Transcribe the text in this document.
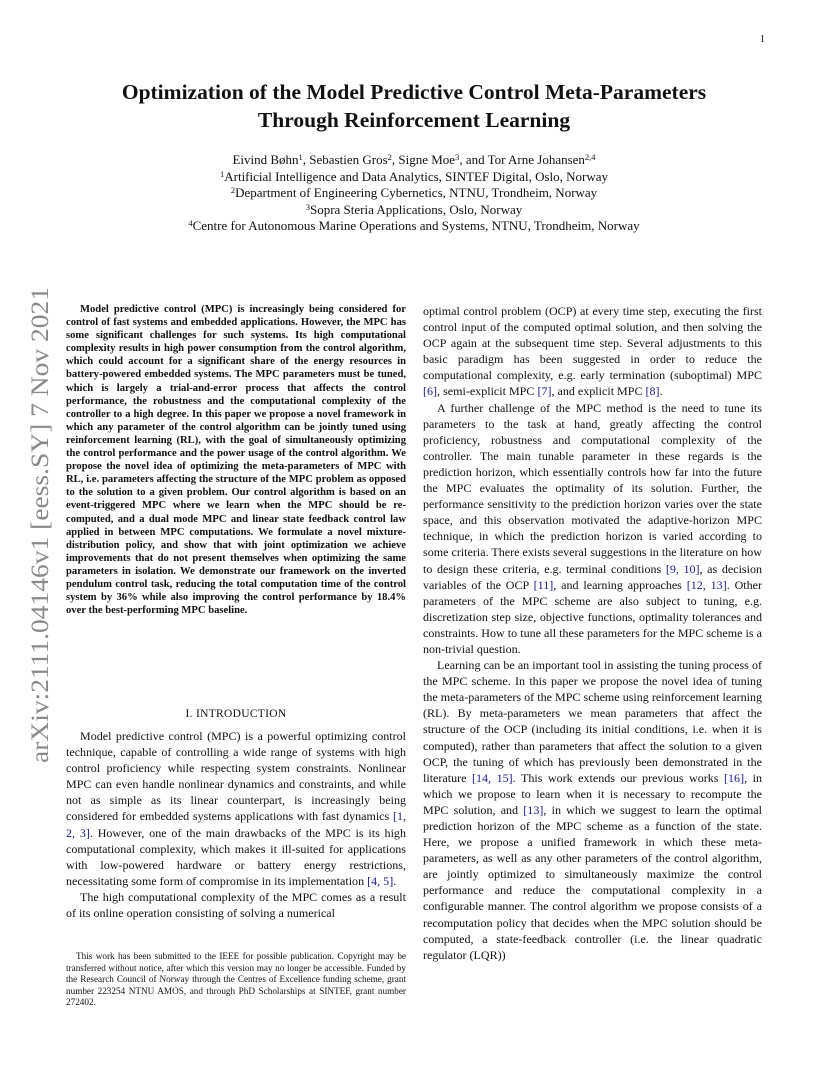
1
arXiv:2111.04146v1 [eess.SY] 7 Nov 2021
Optimization of the Model Predictive Control Meta-Parameters
Through Reinforcement Learning
Eivind Bøhn$^1$, Sebastien Gros$^2$, Signe Moe$^3$, and Tor Arne Johansen$^{2,4}$
$^1$Artificial Intelligence and Data Analytics, SINTEF Digital, Oslo, Norway
$^2$Department of Engineering Cybernetics, NTNU, Trondheim, Norway
$^3$Sopra Steria Applications, Oslo, Norway
$^4$Centre for Autonomous Marine Operations and Systems, NTNU, Trondheim, Norway
Model predictive control (MPC) is increasingly being considered for control of fast systems and embedded applications. However, the MPC has some significant challenges for such systems. Its high computational complexity results in high power consumption from the control algorithm, which could account for a significant share of the energy resources in battery-powered embedded systems. The MPC parameters must be tuned, which is largely a trial-and-error process that affects the control performance, the robustness and the computational complexity of the controller to a high degree. In this paper we propose a novel framework in which any parameter of the control algorithm can be jointly tuned using reinforcement learning (RL), with the goal of simultaneously optimizing the control performance and the power usage of the control algorithm. We propose the novel idea of optimizing the meta-parameters of MPC with RL, i.e. parameters affecting the structure of the MPC problem as opposed to the solution to a given problem. Our control algorithm is based on an event-triggered MPC where we learn when the MPC should be re-computed, and a dual mode MPC and linear state feedback control law applied in between MPC computations. We formulate a novel mixture-distribution policy, and show that with joint optimization we achieve improvements that do not present themselves when optimizing the same parameters in isolation. We demonstrate our framework on the inverted pendulum control task, reducing the total computation time of the control system by 36% while also improving the control performance by 18.4% over the best-performing MPC baseline.
I. INTRODUCTION

Model predictive control (MPC) is a powerful optimizing control technique, capable of controlling a wide range of systems with high control proficiency while respecting system constraints. Nonlinear MPC can even handle nonlinear dynamics and constraints, and while not as simple as its linear counterpart, is increasingly being considered for embedded systems applications with fast dynamics [1, 2, 3]. However, one of the main drawbacks of the MPC is its high computational complexity, which makes it ill-suited for applications with low-powered hardware or battery energy restrictions, necessitating some form of compromise in its implementation [4, 5].

The high computational complexity of the MPC comes as a result of its online operation consisting of solving a numerical

This work has been submitted to the IEEE for possible publication. Copyright may be transferred without notice, after which this version may no longer be accessible. Funded by the Research Council of Norway through the Centres of Excellence funding scheme, grant number 223254 NTNU AMOS, and through PhD Scholarships at SINTEF, grant number 272402.

optimal control problem (OCP) at every time step, executing the first control input of the computed optimal solution, and then solving the OCP again at the subsequent time step. Several adjustments to this basic paradigm has been suggested in order to reduce the computational complexity, e.g. early termination (suboptimal) MPC [6], semi-explicit MPC [7], and explicit MPC [8].

A further challenge of the MPC method is the need to tune its parameters to the task at hand, greatly affecting the control proficiency, robustness and computational complexity of the controller. The main tunable parameter in these regards is the prediction horizon, which essentially controls how far into the future the MPC evaluates the optimality of its solution. Further, the performance sensitivity to the prediction horizon varies over the state space, and this observation motivated the adaptive-horizon MPC technique, in which the prediction horizon is varied according to some criteria. There exists several suggestions in the literature on how to design these criteria, e.g. terminal conditions [9, 10], as decision variables of the OCP [11], and learning approaches [12, 13]. Other parameters of the MPC scheme are also subject to tuning, e.g. discretization step size, objective functions, optimality tolerances and constraints. How to tune all these parameters for the MPC scheme is a non-trivial question.

Learning can be an important tool in assisting the tuning process of the MPC scheme. In this paper we propose the novel idea of tuning the meta-parameters of the MPC scheme using reinforcement learning (RL). By meta-parameters we mean parameters that affect the structure of the OCP (including its initial conditions, i.e. when it is computed), rather than parameters that affect the solution to a given OCP, the tuning of which has previously been demonstrated in the literature [14, 15]. This work extends our previous works [16], in which we propose to learn when it is necessary to recompute the MPC solution, and [13], in which we suggest to learn the optimal prediction horizon of the MPC scheme as a function of the state. Here, we propose a unified framework in which these meta-parameters, as well as any other parameters of the control algorithm, are jointly optimized to simultaneously maximize the control performance and reduce the computational complexity in a configurable manner. The control algorithm we propose consists of a recomputation policy that decides when the MPC solution should be computed, a state-feedback controller (i.e. the linear quadratic regulator (LQR))
